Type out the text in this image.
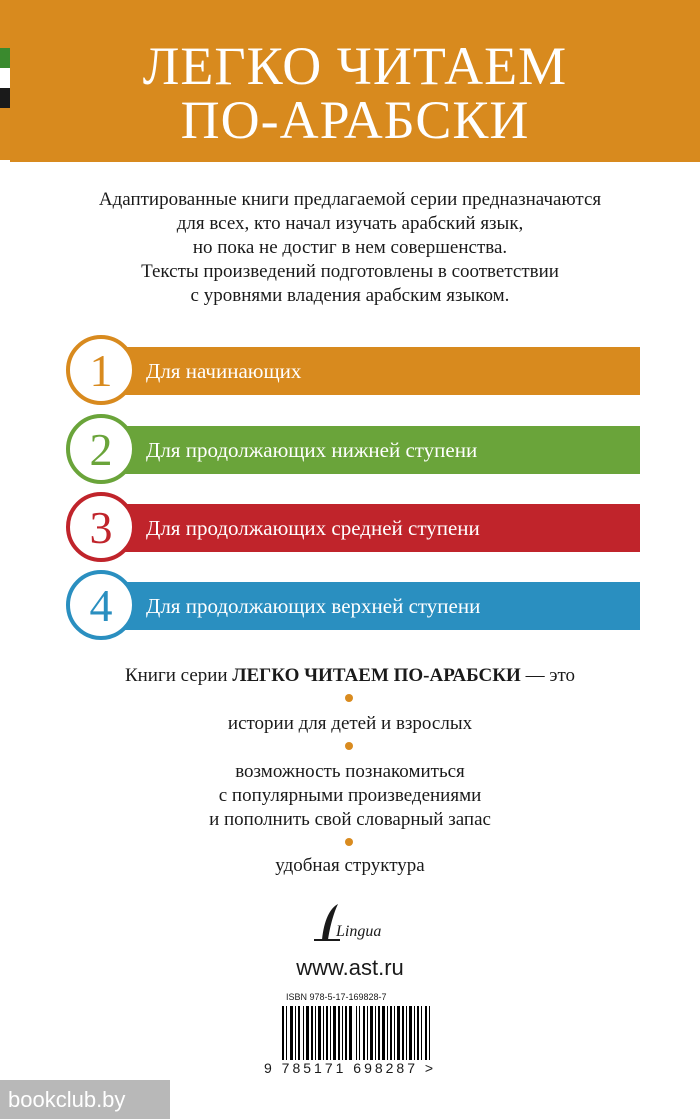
ЛЕГКО ЧИТАЕМ
ПО-АРАБСКИ
Адаптированные книги предлагаемой серии предназначаются
для всех, кто начал изучать арабский язык,
но пока не достиг в нем совершенства.
Тексты произведений подготовлены в соответствии
с уровнями владения арабским языком.
1	Для начинающих
2	Для продолжающих нижней ступени
3	Для продолжающих средней ступени
4	Для продолжающих верхней ступени
Книги серии ЛЕГКО ЧИТАЕМ ПО-АРАБСКИ — это
истории для детей и взрослых
возможность познакомиться
с популярными произведениями
и пополнить свой словарный запас
удобная структура
Lingua
www.ast.ru
ISBN 978-5-17-169828-7
9 785171 698287 >
bookclub.by
